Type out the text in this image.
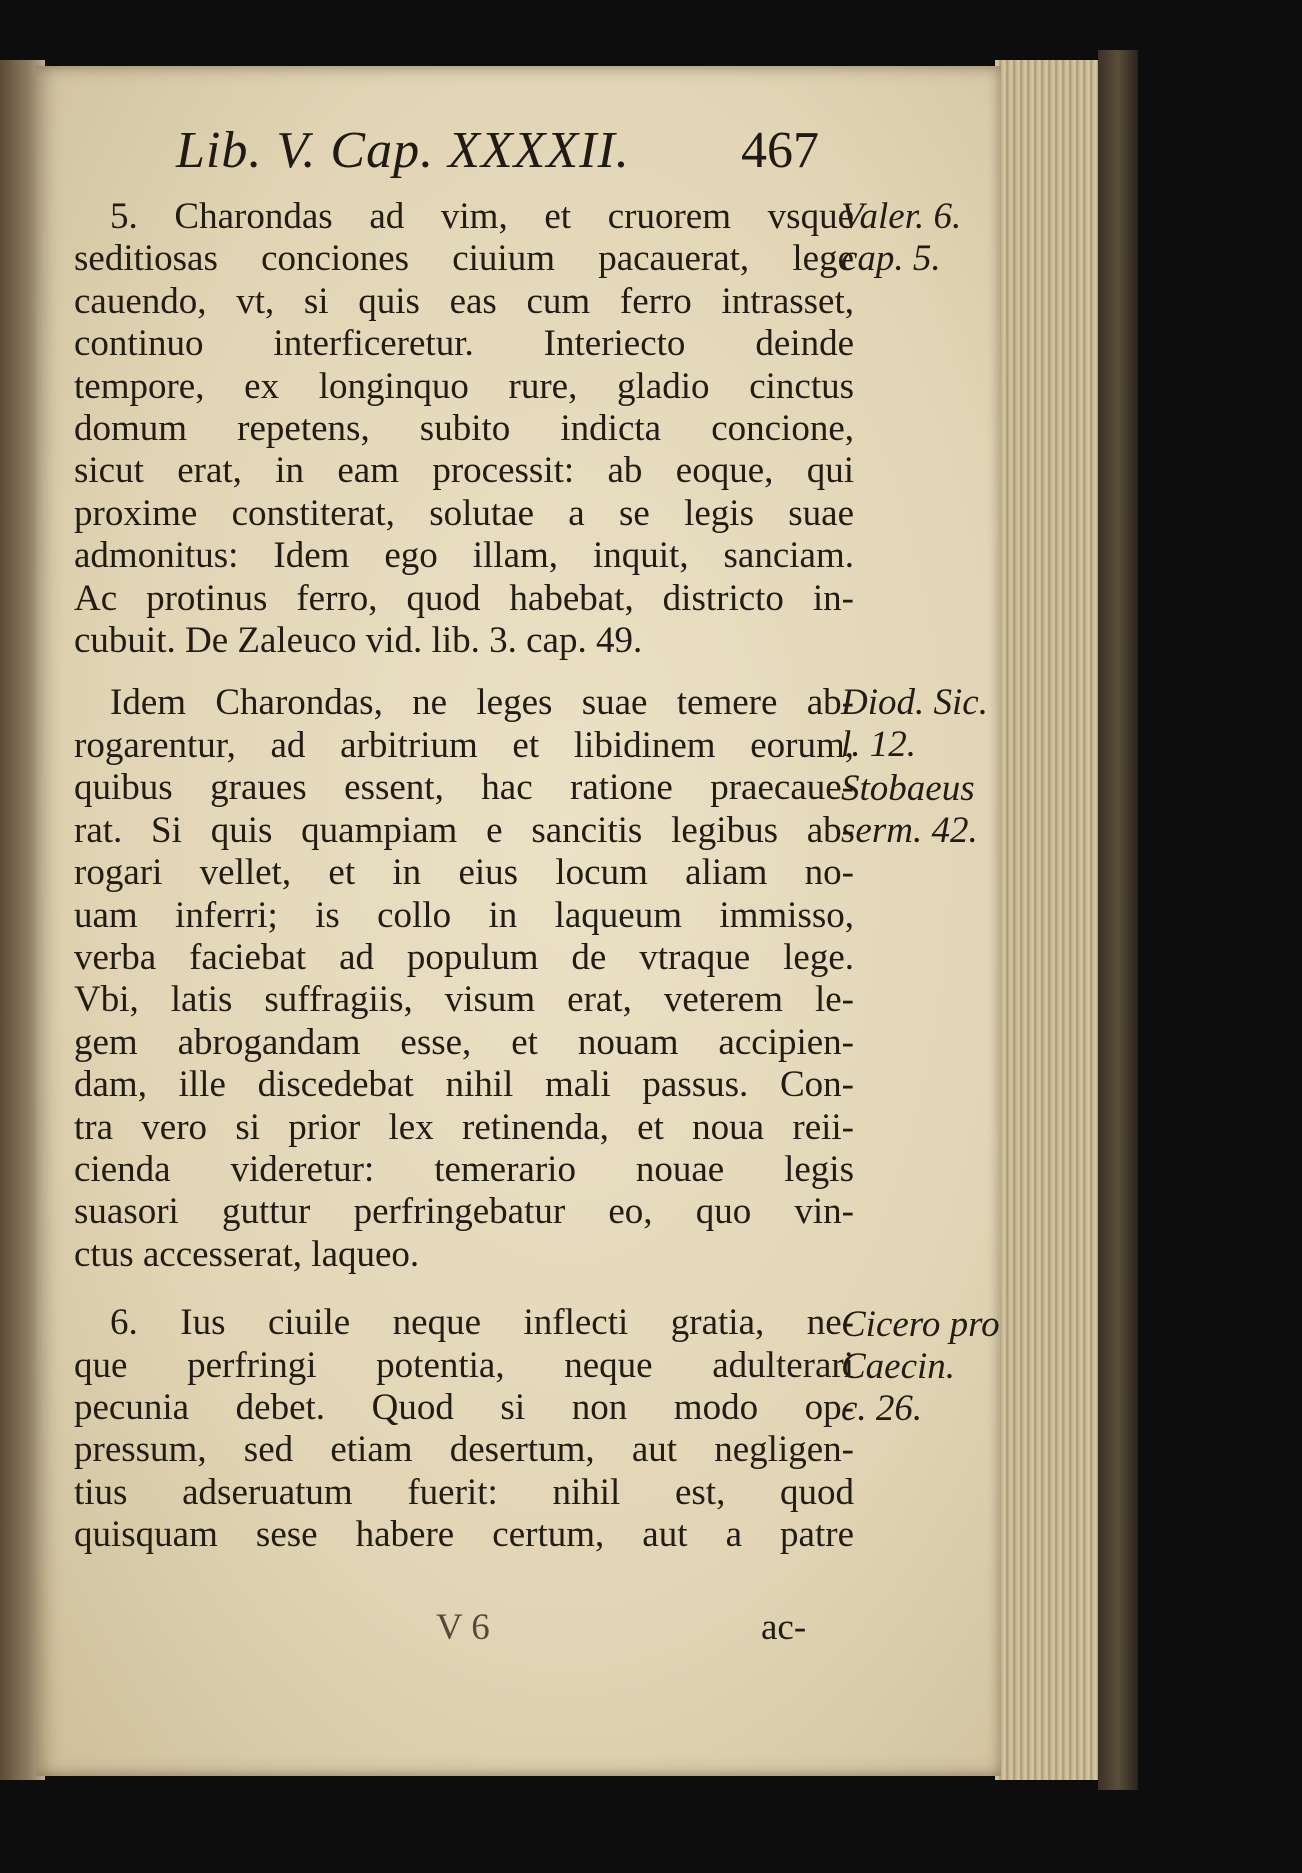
Lib. V. Cap. XXXXII. 467
5. Charondas ad vim, et cruorem vsque
seditiosas conciones ciuium pacauerat, lege
cauendo, vt, si quis eas cum ferro intrasset,
continuo interficeretur. Interiecto deinde
tempore, ex longinquo rure, gladio cinctus
domum repetens, subito indicta concione,
sicut erat, in eam processit: ab eoque, qui
proxime constiterat, solutae a se legis suae
admonitus: Idem ego illam, inquit, sanciam.
Ac protinus ferro, quod habebat, districto in-
cubuit. De Zaleuco vid. lib. 3. cap. 49.
Idem Charondas, ne leges suae temere ab-
rogarentur, ad arbitrium et libidinem eorum,
quibus graues essent, hac ratione praecaue-
rat. Si quis quampiam e sancitis legibus ab-
rogari vellet, et in eius locum aliam no-
uam inferri; is collo in laqueum immisso,
verba faciebat ad populum de vtraque lege.
Vbi, latis suffragiis, visum erat, veterem le-
gem abrogandam esse, et nouam accipien-
dam, ille discedebat nihil mali passus. Con-
tra vero si prior lex retinenda, et noua reii-
cienda videretur: temerario nouae legis
suasori guttur perfringebatur eo, quo vin-
ctus accesserat, laqueo.
6. Ius ciuile neque inflecti gratia, ne-
que perfringi potentia, neque adulterari
pecunia debet. Quod si non modo op-
pressum, sed etiam desertum, aut negligen-
tius adseruatum fuerit: nihil est, quod
quisquam sese habere certum, aut a patre
Valer. 6.
cap. 5.
Diod. Sic.
l. 12.
Stobaeus
serm. 42.
Cicero pro
Caecin.
c. 26.
V 6	ac-
